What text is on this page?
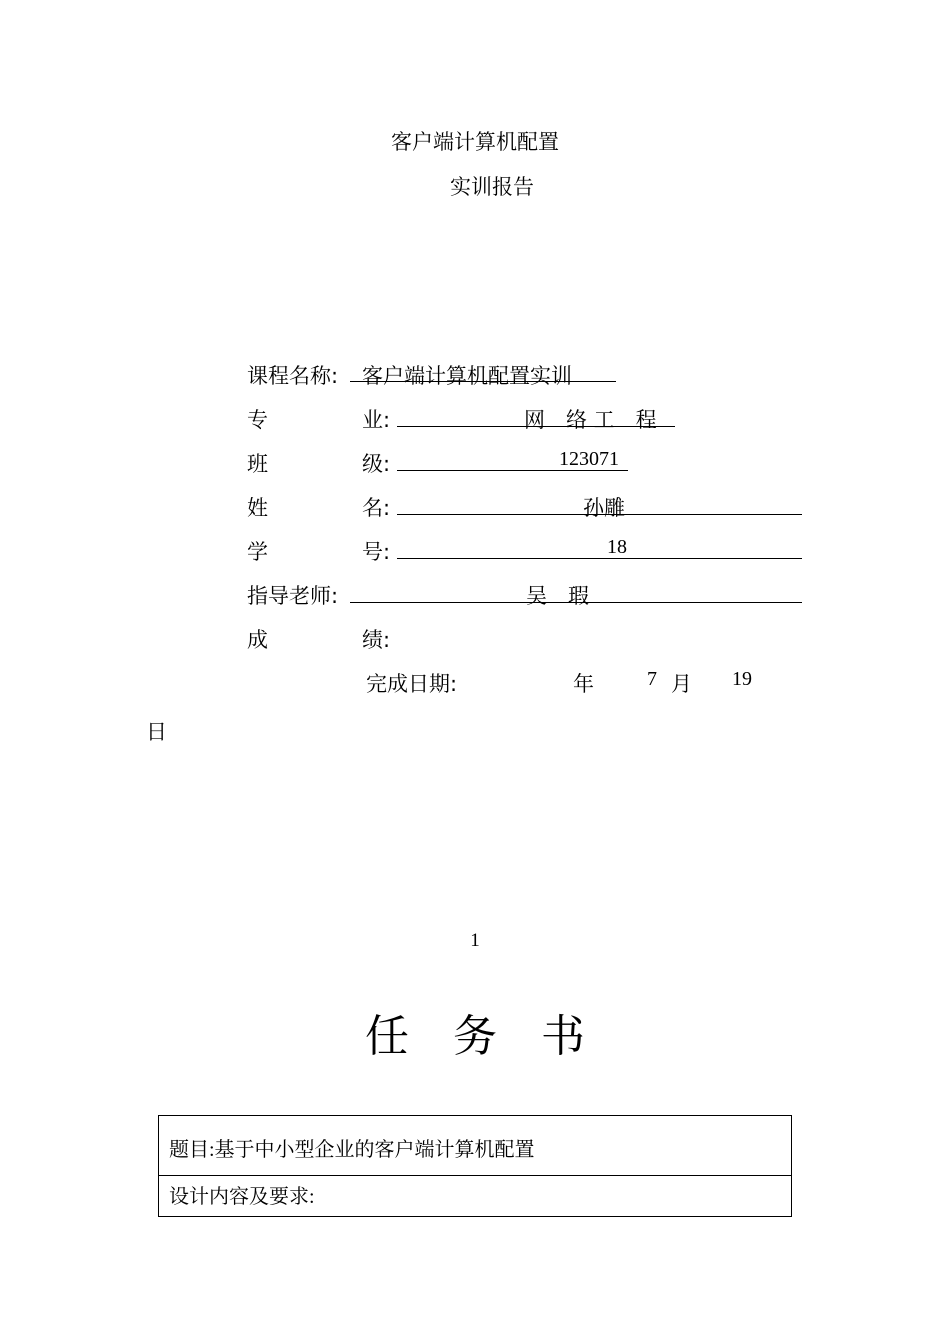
客户端计算机配置
实训报告
课程名称: 客户端计算机配置实训
专	业:	网　络 工　程
班	级:	123071
姓	名:	孙雕
学	号:	18
指导老师:	吴　瑕
成	绩:
完成日期:	年	7 月 19
日
1
任　务　书
题目:基于中小型企业的客户端计算机配置
设计内容及要求:
